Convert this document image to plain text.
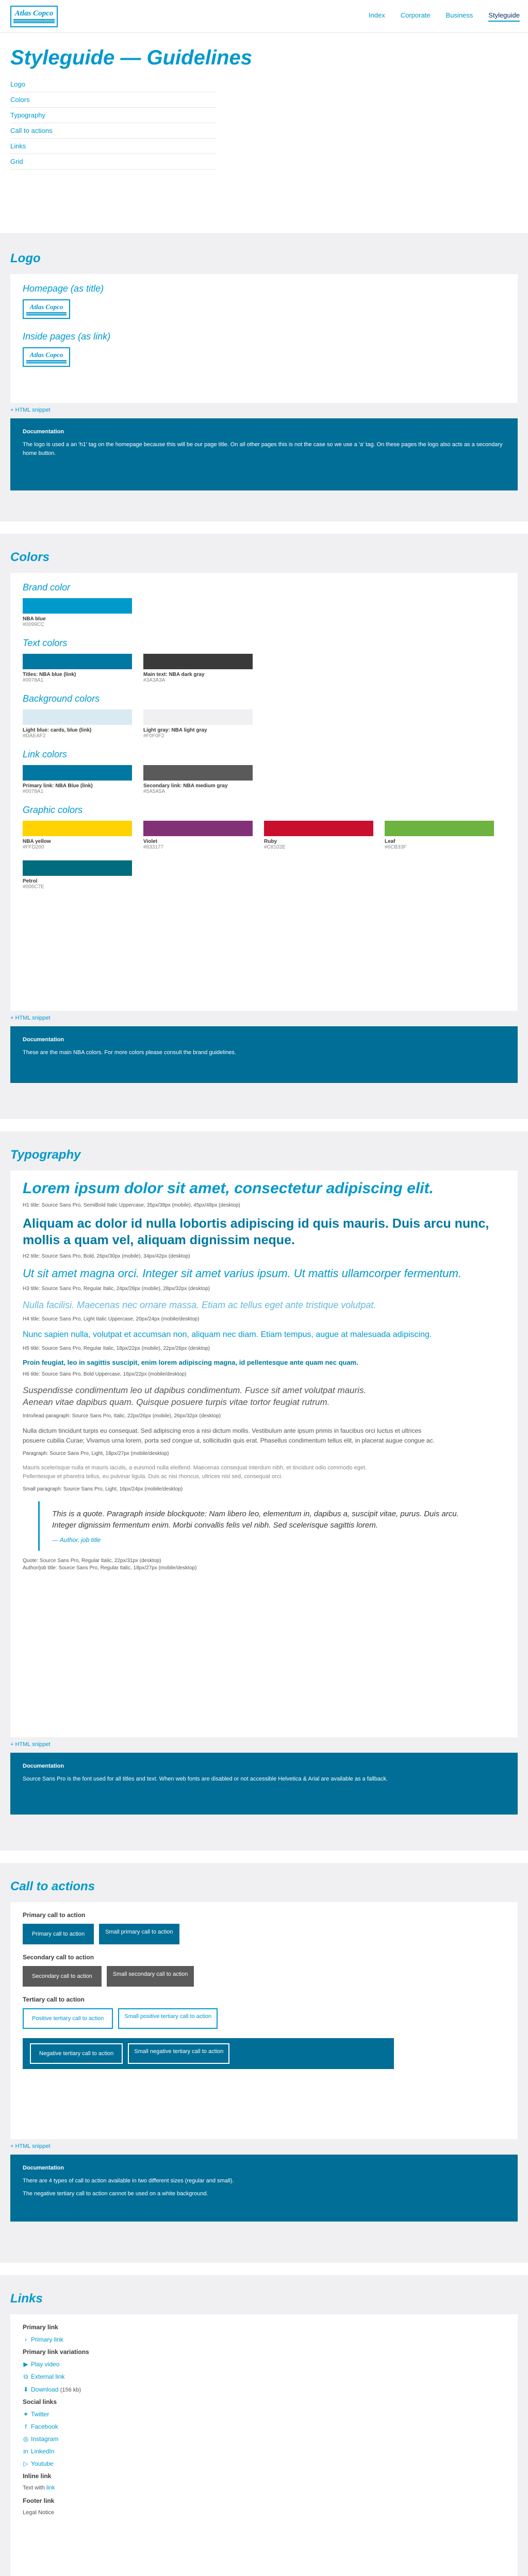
Atlas Copco	Index Corporate Business Styleguide
Styleguide — Guidelines
Logo
Colors
Typography
Call to actions
Links
Grid
Logo
Homepage (as title)
Atlas Copco
Inside pages (as link)
Atlas Copco
+ HTML snippet
Documentation

The logo is used a an 'h1' tag on the homepage because this will be our page title. On all other pages this is not the case so we use a 'a' tag. On these pages the logo also acts as a secondary home button.

Colors
Brand color
NBA blue
#0099CC
Text colors
Titles: NBA blue (link)
#0078A1
Main text: NBA dark gray
#3A3A3A
Background colors
Light blue: cards, blue (link)
#DAEAF2
Light gray: NBA light gray
#F0F0F2
Link colors
Primary link: NBA Blue (link)
#0078A1
Secondary link: NBA medium gray
#5A5A5A
Graphic colors
NBA yellow
#FFD200
Violet
#833177
Ruby
#C8102E
Leaf
#6CB33F
Petrol
#006C7E
+ HTML snippet
Documentation

These are the main NBA colors. For more colors please consult the brand guidelines.

Typography
Lorem ipsum dolor sit amet, consectetur adipiscing elit.
H1 title: Source Sans Pro, SemiBold Italic Uppercase, 35px/38px (mobile), 45px/48px (desktop)
Aliquam ac dolor id nulla lobortis adipiscing id quis mauris. Duis arcu nunc, mollis a quam vel, aliquam dignissim neque.
H2 title: Source Sans Pro, Bold, 26px/30px (mobile), 34px/42px (desktop)
Ut sit amet magna orci. Integer sit amet varius ipsum. Ut mattis ullamcorper fermentum.
H3 title: Source Sans Pro, Regular Italic, 24px/28px (mobile), 28px/32px (desktop)
Nulla facilisi. Maecenas nec ornare massa. Etiam ac tellus eget ante tristique volutpat.
H4 title: Source Sans Pro, Light Italic Uppercase, 20px/24px (mobile/desktop)
Nunc sapien nulla, volutpat et accumsan non, aliquam nec diam. Etiam tempus, augue at malesuada adipiscing.
H5 title: Source Sans Pro, Regular Italic, 18px/22px (mobile), 22px/26px (desktop)
Proin feugiat, leo in sagittis suscipit, enim lorem adipiscing magna, id pellentesque ante quam nec quam.
H6 title: Source Sans Pro, Bold Uppercase, 16px/22px (mobile/desktop)
Suspendisse condimentum leo ut dapibus condimentum. Fusce sit amet volutpat mauris. Aenean vitae dapibus quam. Quisque posuere turpis vitae tortor feugiat rutrum.
Intro/lead paragraph: Source Sans Pro, Italic, 22px/26px (mobile), 26px/32px (desktop)
Nulla dictum tincidunt turpis eu consequat. Sed adipiscing eros a nisi dictum mollis. Vestibulum ante ipsum primis in faucibus orci luctus et ultrices posuere cubilia Curae; Vivamus urna lorem, porta sed congue ut, sollicitudin quis erat. Phasellus condimentum tellus elit, in placerat augue congue ac.
Paragraph: Source Sans Pro, Light, 18px/27px (mobile/desktop)
Mauris scelerisque nulla et mauris iaculis, a euismod nulla eleifend. Maecenas consequat interdum nibh, et tincidunt odio commodo eget. Pellentesque et pharetra tellus, eu pulvinar ligula. Duis ac nisi rhoncus, ultrices nisl sed, consequat orci.
Small paragraph: Source Sans Pro, Light, 16px/24px (mobile/desktop)
This is a quote. Paragraph inside blockquote: Nam libero leo, elementum in, dapibus a, suscipit vitae, purus. Duis arcu. Integer dignissim fermentum enim. Morbi convallis felis vel nibh. Sed scelerisque sagittis lorem.
— Author, job title
Quote: Source Sans Pro, Regular Italic, 22px/31px (desktop)
Author/job title: Source Sans Pro, Regular Italic, 18px/27px (mobile/desktop)
+ HTML snippet
Documentation

Source Sans Pro is the font used for all titles and text. When web fonts are disabled or not accessible Helvetica & Arial are available as a fallback.

Call to actions
Primary call to action
Primary call to action	Small primary call to action
Secondary call to action
Secondary call to action	Small secondary call to action
Tertiary call to action
Positive tertiary call to action	Small positive tertiary call to action
Negative tertiary call to action	Small negative tertiary call to action
+ HTML snippet
Documentation

There are 4 types of call to action available in two different sizes (regular and small).

The negative tertiary call to action cannot be used on a white background.

Links
Primary link
› Primary link
Primary link variations
▶ Play video
⧉ External link
⬇ Download (156 kb)
Social links
✦ Twitter
f Facebook
◎ Instagram
in LinkedIn
▷ Youtube
Inline link
Text with link
Footer link
Legal Notice
